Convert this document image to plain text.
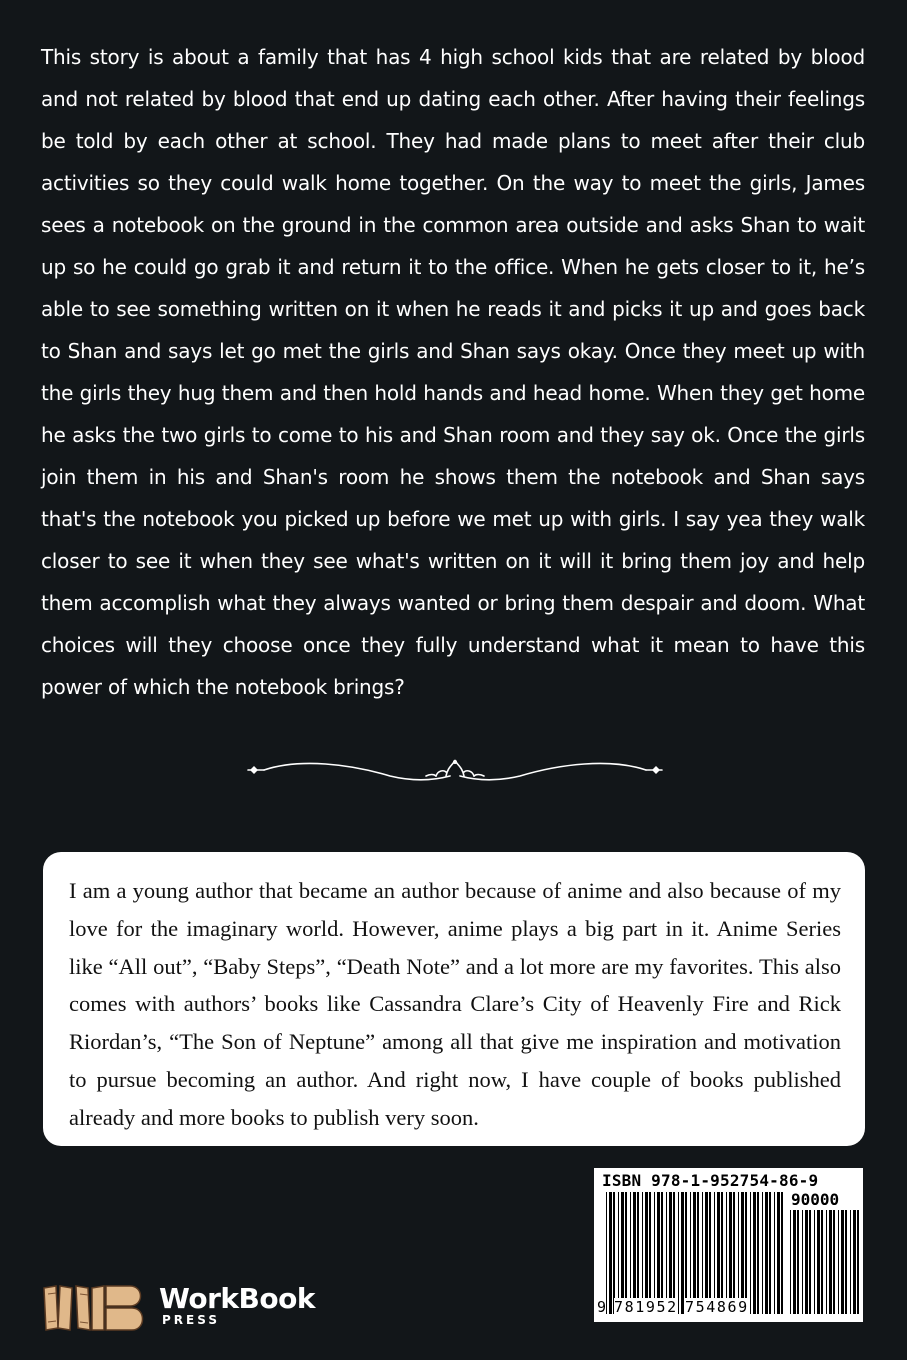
This story is about a family that has 4 high school kids that are related by blood and not related by blood that end up dating each other. After having their feelings be told by each other at school. They had made plans to meet after their club activities so they could walk home together. On the way to meet the girls, James sees a notebook on the ground in the common area outside and asks Shan to wait up so he could go grab it and return it to the office. When he gets closer to it, he’s able to see something written on it when he reads it and picks it up and goes back to Shan and says let go met the girls and Shan says okay. Once they meet up with the girls they hug them and then hold hands and head home. When they get home he asks the two girls to come to his and Shan room and they say ok. Once the girls join them in his and Shan's room he shows them the notebook and Shan says that's the notebook you picked up before we met up with girls. I say yea they walk closer to see it when they see what's written on it will it bring them joy and help them accomplish what they always wanted or bring them despair and doom. What choices will they choose once they fully understand what it mean to have this power of which the notebook brings?
I am a young author that became an author because of anime and also because of my love for the imaginary world. However, anime plays a big part in it. Anime Series like “All out”, “Baby Steps”, “Death Note” and a lot more are my favorites. This also comes with authors’ books like Cassandra Clare’s City of Heavenly Fire and Rick Riordan’s, “The Son of Neptune” among all that give me inspiration and motivation to pursue becoming an author. And right now, I have couple of books published already and more books to publish very soon.
ISBN 978-1-952754-86-9
90000
9 781952 754869
WorkBook
PRESS
